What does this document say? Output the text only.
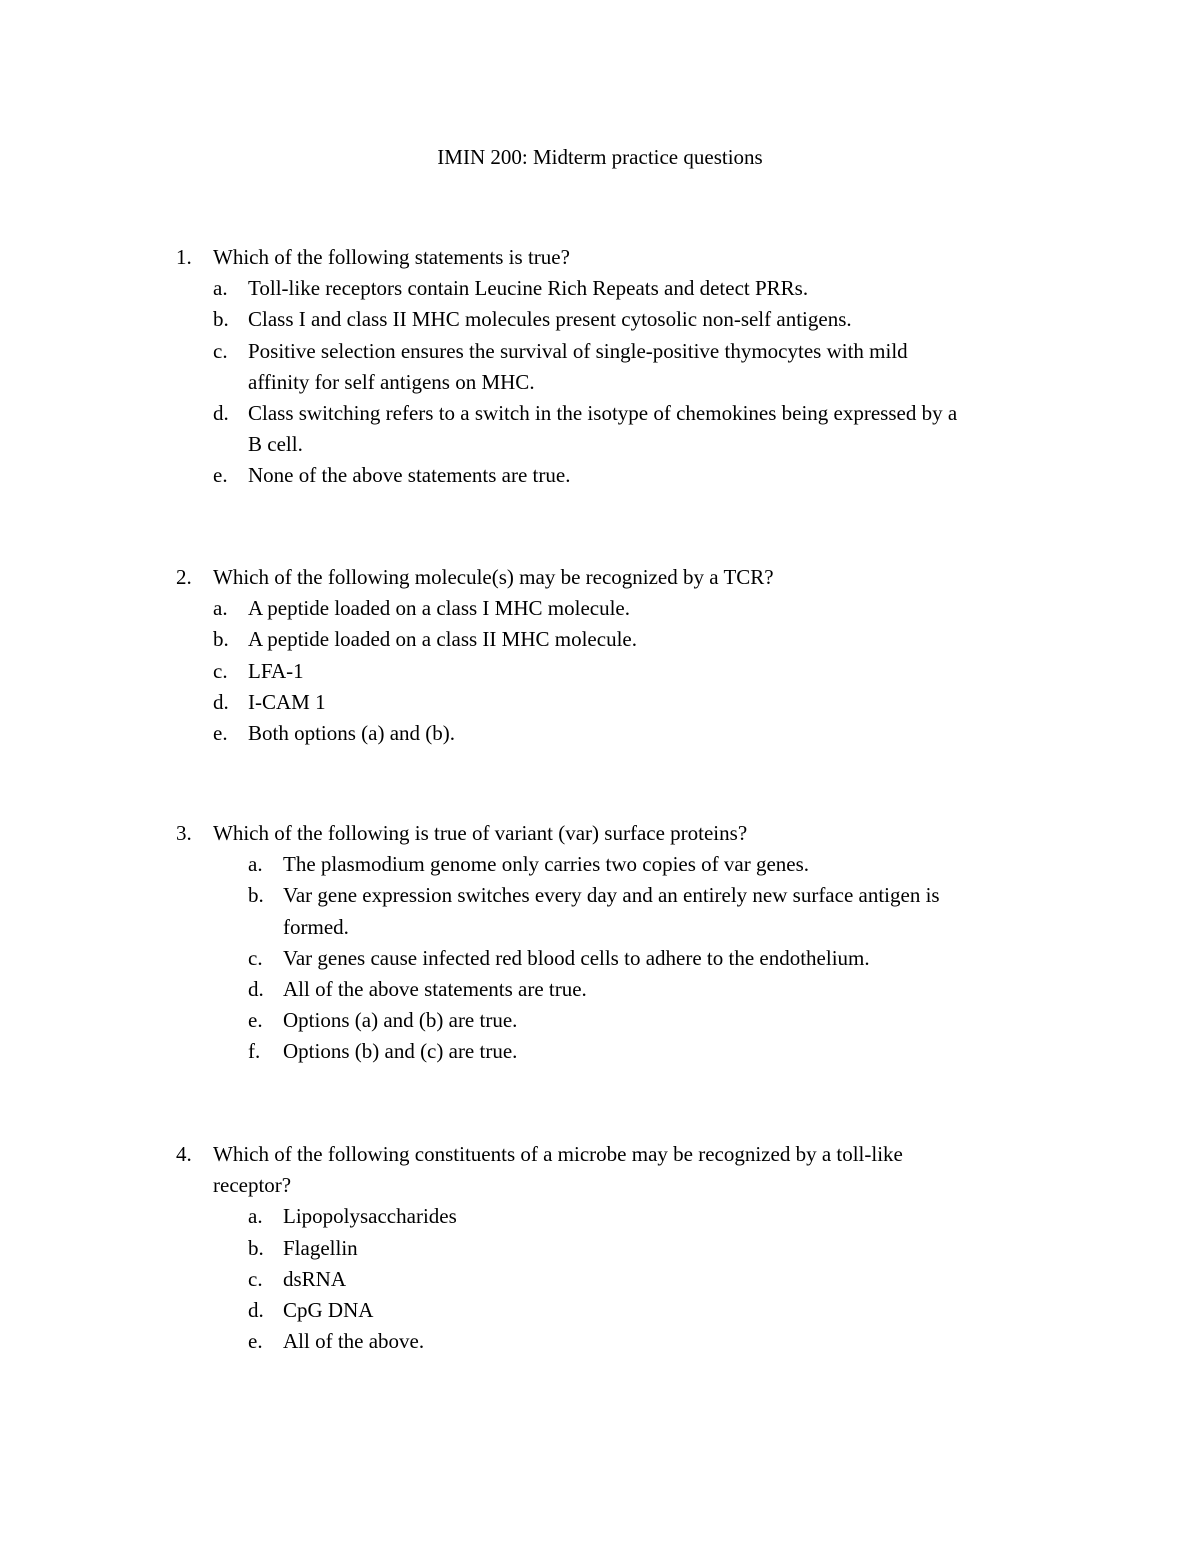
IMIN 200: Midterm practice questions
1. Which of the following statements is true?
a. Toll-like receptors contain Leucine Rich Repeats and detect PRRs.
b. Class I and class II MHC molecules present cytosolic non-self antigens.
c. Positive selection ensures the survival of single-positive thymocytes with mild
affinity for self antigens on MHC.
d. Class switching refers to a switch in the isotype of chemokines being expressed by a
B cell.
e. None of the above statements are true.
2. Which of the following molecule(s) may be recognized by a TCR?
a. A peptide loaded on a class I MHC molecule.
b. A peptide loaded on a class II MHC molecule.
c. LFA-1
d. I-CAM 1
e. Both options (a) and (b).
3. Which of the following is true of variant (var) surface proteins?
a. The plasmodium genome only carries two copies of var genes.
b. Var gene expression switches every day and an entirely new surface antigen is
formed.
c. Var genes cause infected red blood cells to adhere to the endothelium.
d. All of the above statements are true.
e. Options (a) and (b) are true.
f. Options (b) and (c) are true.
4. Which of the following constituents of a microbe may be recognized by a toll-like
receptor?
a. Lipopolysaccharides
b. Flagellin
c. dsRNA
d. CpG DNA
e. All of the above.
